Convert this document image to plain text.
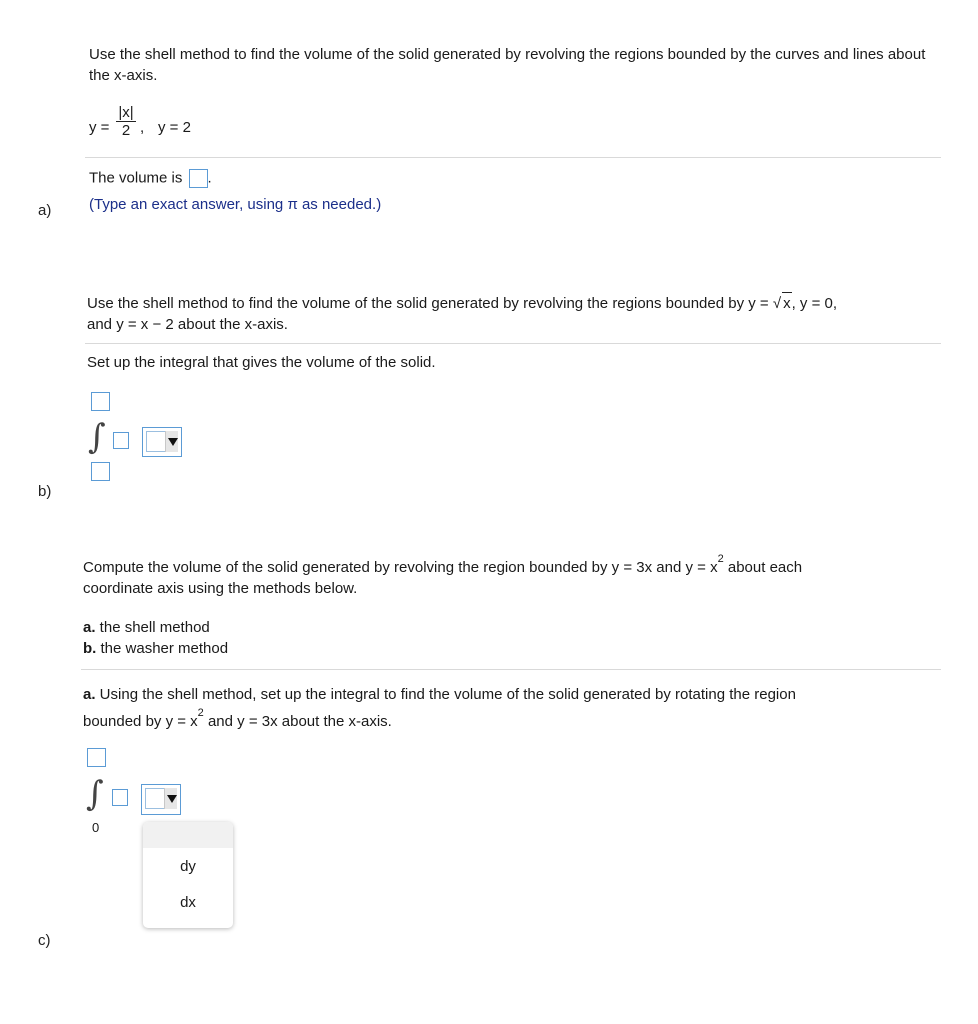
Use the shell method to find the volume of the solid generated by revolving the regions bounded by the curves and lines about the x-axis.
y =
|x|
2 , y = 2
The volume is .
(Type an exact answer, using π as needed.)
a)
Use the shell method to find the volume of the solid generated by revolving the regions bounded by y = √ x, y = 0,
and y = x − 2 about the x-axis.
Set up the integral that gives the volume of the solid.
∫
b)
Compute the volume of the solid generated by revolving the region bounded by y = 3x and $y = x^2$ about each
coordinate axis using the methods below.
a. the shell method
b. the washer method
a. Using the shell method, set up the integral to find the volume of the solid generated by rotating the region
bounded by $y = x^2$ and y = 3x about the x-axis.
∫
0
dy
dx
c)
